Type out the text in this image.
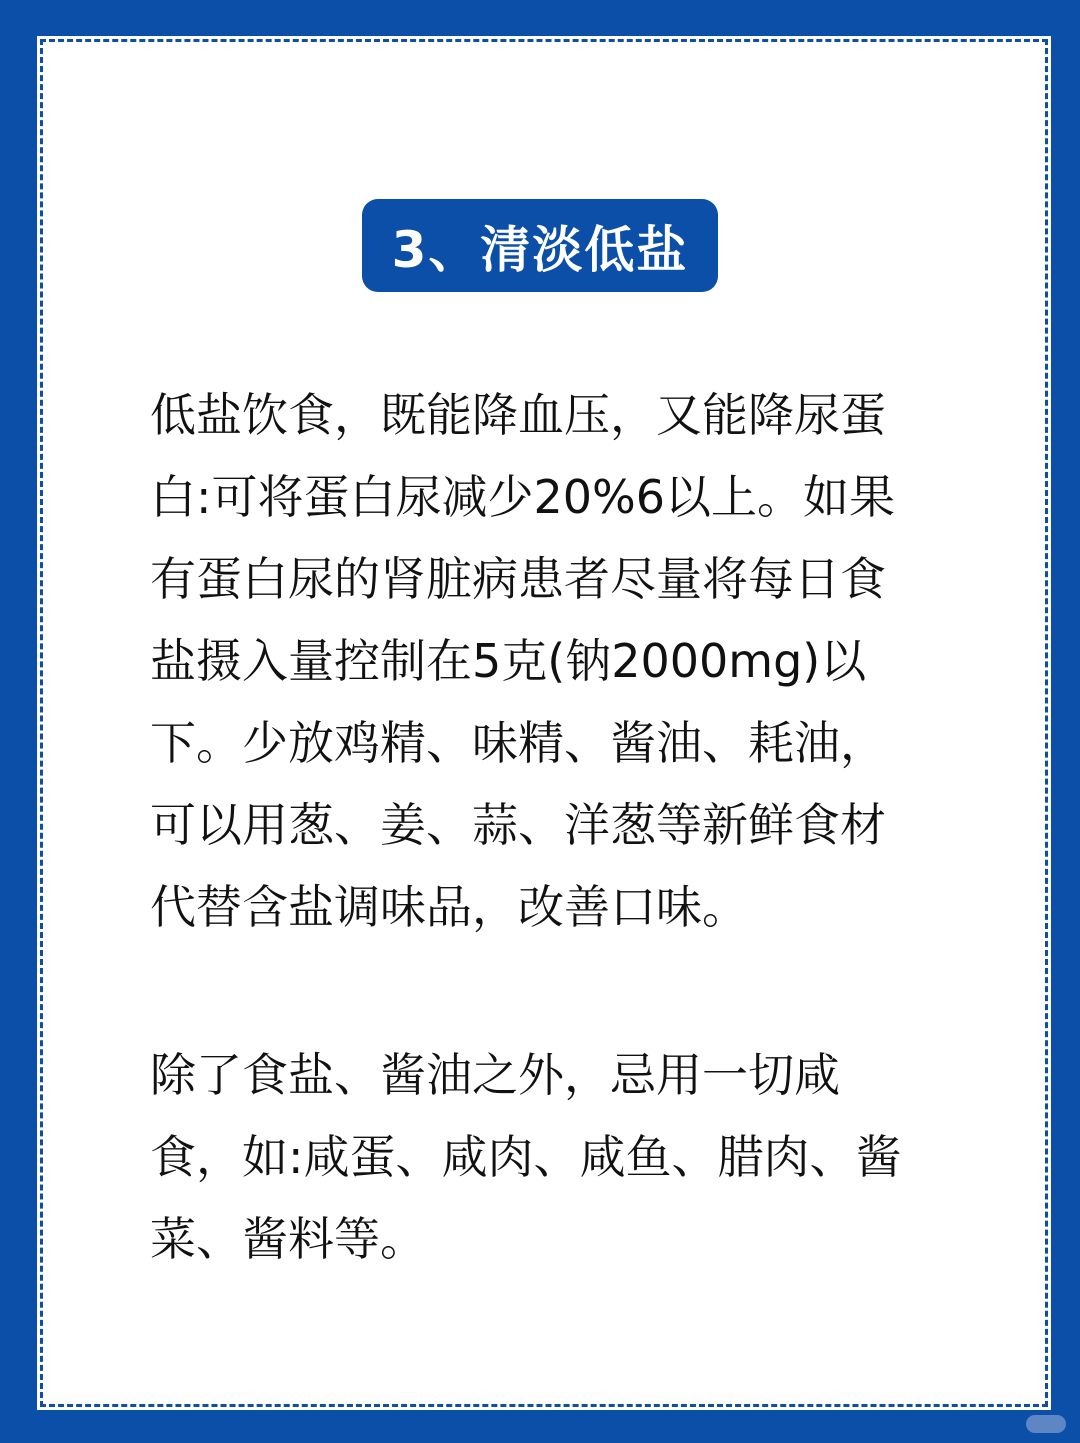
3、清淡低盐

低盐饮食，既能降血压，又能降尿蛋
白:可将蛋白尿减少20%6以上。如果
有蛋白尿的肾脏病患者尽量将每日食
盐摄入量控制在5克(钠2000mg)以
下。少放鸡精、味精、酱油、耗油，
可以用葱、姜、蒜、洋葱等新鲜食材
代替含盐调味品，改善口味。

除了食盐、酱油之外，忌用一切咸
食，如:咸蛋、咸肉、咸鱼、腊肉、酱
菜、酱料等。
